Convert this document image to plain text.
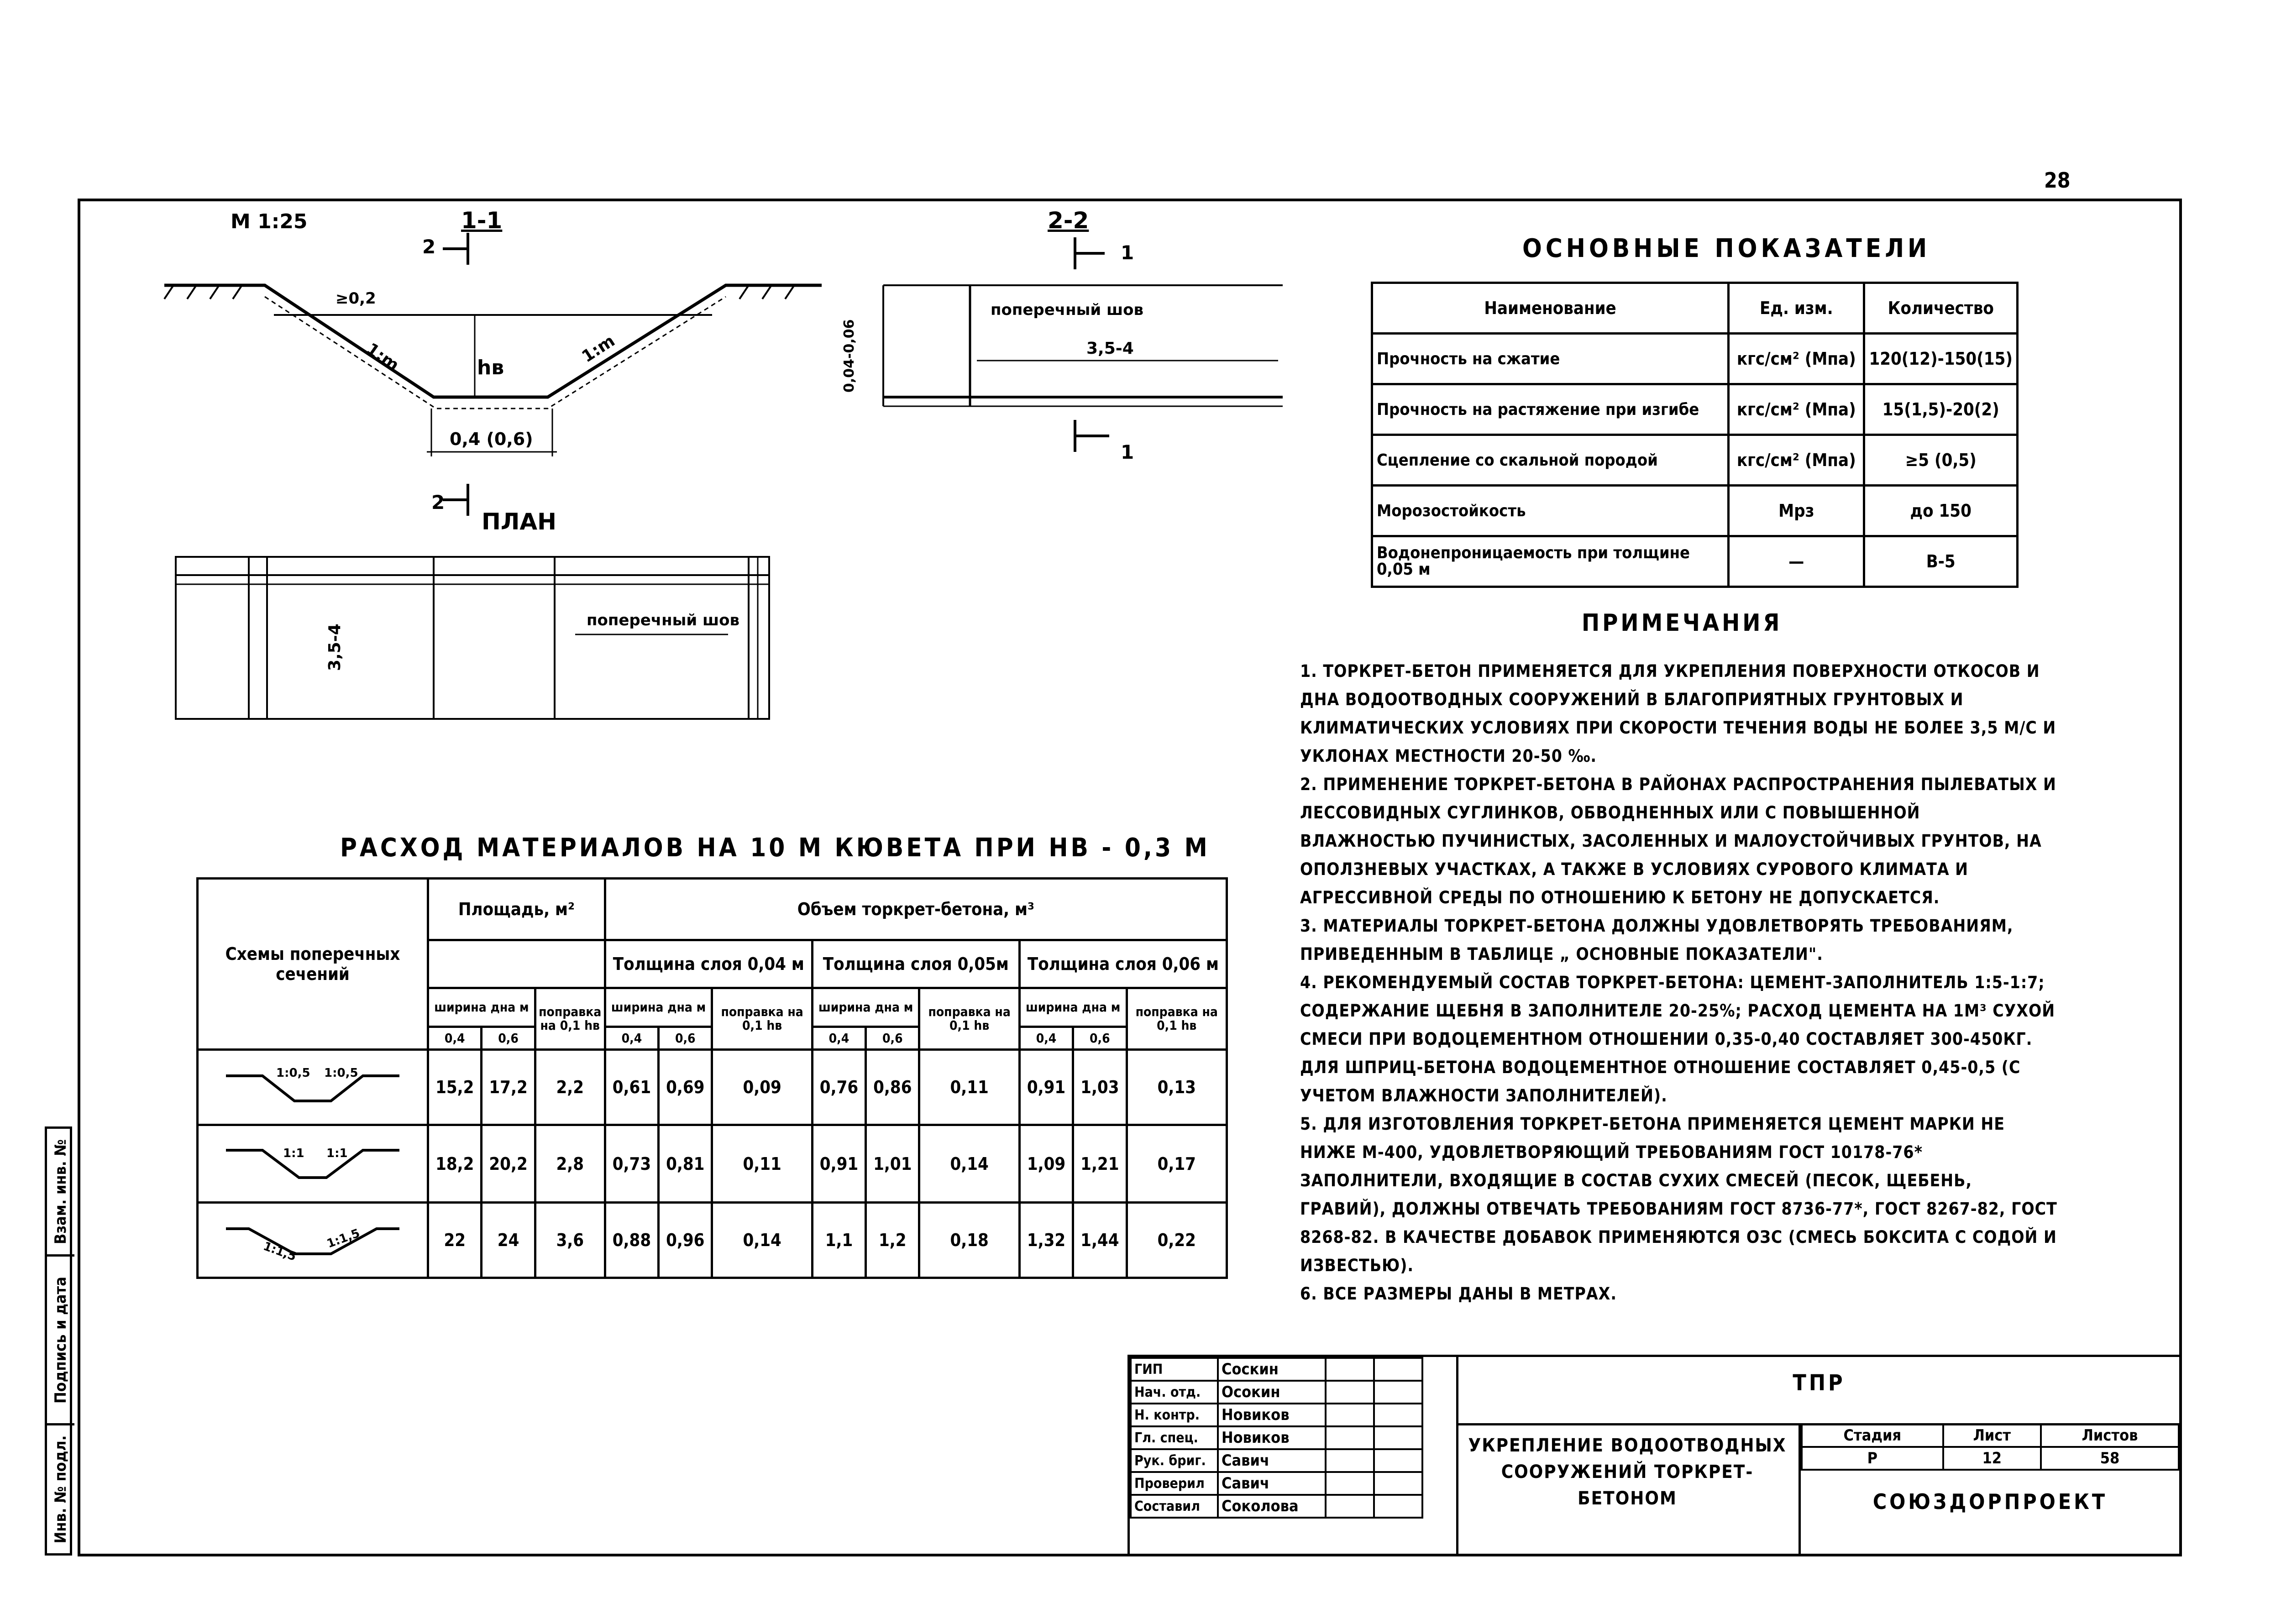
28
Взам. инв. №
Подпись и дата
Инв. № подл.
М 1:25	1-1
2
hв
≥0,2
1:m	1:m
0,4 (0,6)
2
ПЛАН
поперечный шов
3,5-4
2-2
1
поперечный шов
3,5-4
0,04-0,06
1
ОСНОВНЫЕ ПОКАЗАТЕЛИ
Наименование	Ед. изм.	Количество
Прочность на сжатие	кгс/см² (Мпа)	120(12)-150(15)
Прочность на растяжение при изгибе	кгс/см² (Мпа)	15(1,5)-20(2)
Сцепление со скальной породой	кгс/см² (Мпа)	≥5 (0,5)
Морозостойкость	Мрз	до 150
Водонепроницаемость при толщине 0,05 м	—	В-5
ПРИМЕЧАНИЯ

1. ТОРКРЕТ-БЕТОН ПРИМЕНЯЕТСЯ ДЛЯ УКРЕПЛЕНИЯ ПОВЕРХНОСТИ ОТКОСОВ И ДНА ВОДООТВОДНЫХ СООРУЖЕНИЙ В БЛАГОПРИЯТНЫХ ГРУНТОВЫХ И КЛИМАТИЧЕСКИХ УСЛОВИЯХ ПРИ СКОРОСТИ ТЕЧЕНИЯ ВОДЫ НЕ БОЛЕЕ 3,5 М/С И УКЛОНАХ МЕСТНОСТИ 20-50 ‰.

2. ПРИМЕНЕНИЕ ТОРКРЕТ-БЕТОНА В РАЙОНАХ РАСПРОСТРАНЕНИЯ ПЫЛЕВАТЫХ И ЛЕССОВИДНЫХ СУГЛИНКОВ, ОБВОДНЕННЫХ ИЛИ С ПОВЫШЕННОЙ ВЛАЖНОСТЬЮ ПУЧИНИСТЫХ, ЗАСОЛЕННЫХ И МАЛОУСТОЙЧИВЫХ ГРУНТОВ, НА ОПОЛЗНЕВЫХ УЧАСТКАХ, А ТАКЖЕ В УСЛОВИЯХ СУРОВОГО КЛИМАТА И АГРЕССИВНОЙ СРЕДЫ ПО ОТНОШЕНИЮ К БЕТОНУ НЕ ДОПУСКАЕТСЯ.

3. МАТЕРИАЛЫ ТОРКРЕТ-БЕТОНА ДОЛЖНЫ УДОВЛЕТВОРЯТЬ ТРЕБОВАНИЯМ, ПРИВЕДЕННЫМ В ТАБЛИЦЕ „ ОСНОВНЫЕ ПОКАЗАТЕЛИ".

4. РЕКОМЕНДУЕМЫЙ СОСТАВ ТОРКРЕТ-БЕТОНА: ЦЕМЕНТ-ЗАПОЛНИТЕЛЬ 1:5-1:7; СОДЕРЖАНИЕ ЩЕБНЯ В ЗАПОЛНИТЕЛЕ 20-25%; РАСХОД ЦЕМЕНТА НА 1М³ СУХОЙ СМЕСИ ПРИ ВОДОЦЕМЕНТНОМ ОТНОШЕНИИ 0,35-0,40 СОСТАВЛЯЕТ 300-450КГ. ДЛЯ ШПРИЦ-БЕТОНА ВОДОЦЕМЕНТНОЕ ОТНОШЕНИЕ СОСТАВЛЯЕТ 0,45-0,5 (С УЧЕТОМ ВЛАЖНОСТИ ЗАПОЛНИТЕЛЕЙ).

5. ДЛЯ ИЗГОТОВЛЕНИЯ ТОРКРЕТ-БЕТОНА ПРИМЕНЯЕТСЯ ЦЕМЕНТ МАРКИ НЕ НИЖЕ М-400, УДОВЛЕТВОРЯЮЩИЙ ТРЕБОВАНИЯМ ГОСТ 10178-76* ЗАПОЛНИТЕЛИ, ВХОДЯЩИЕ В СОСТАВ СУХИХ СМЕСЕЙ (ПЕСОК, ЩЕБЕНЬ, ГРАВИЙ), ДОЛЖНЫ ОТВЕЧАТЬ ТРЕБОВАНИЯМ ГОСТ 8736-77*, ГОСТ 8267-82, ГОСТ 8268-82. В КАЧЕСТВЕ ДОБАВОК ПРИМЕНЯЮТСЯ ОЗС (СМЕСЬ БОКСИТА С СОДОЙ И ИЗВЕСТЬЮ).

6. ВСЕ РАЗМЕРЫ ДАНЫ В МЕТРАХ.

РАСХОД МАТЕРИАЛОВ НА 10 М КЮВЕТА ПРИ HВ - 0,3 М
Схемы поперечных сечений	Площадь, м²			Объем торкрет-бетона, м³								
				Толщина слоя 0,04 м			Толщина слоя 0,05м			Толщина слоя 0,06 м		
	ширина дна м		поправка на 0,1 hв	ширина дна м		поправка на 0,1 hв	ширина дна м		поправка на 0,1 hв	ширина дна м		поправка на 0,1 hв
	0,4	0,6		0,4	0,6		0,4	0,6		0,4	0,6	

1:0,5 1:0,5	15,2	17,2	2,2	0,61	0,69	0,09	0,76	0,86	0,11	0,91	1,03	0,13

1:1 1:1	18,2	20,2	2,8	0,73	0,81	0,11	0,91	1,01	0,14	1,09	1,21	0,17

1:1,5
1:1,5	22	24	3,6	0,88	0,96	0,14	1,1	1,2	0,18	1,32	1,44	0,22
ГИП	Соскин		
Нач. отд.	Осокин		
Н. контр.	Новиков		
Гл. спец.	Новиков		
Рук. бриг.	Савич		
Проверил	Савич		
Составил	Соколова		
ТПР
УКРЕПЛЕНИЕ ВОДООТВОДНЫХ СООРУЖЕНИЙ ТОРКРЕТ-БЕТОНОМ
Стадия	Лист	Листов
Р	12	58
СОЮЗДОРПРОЕКТ
